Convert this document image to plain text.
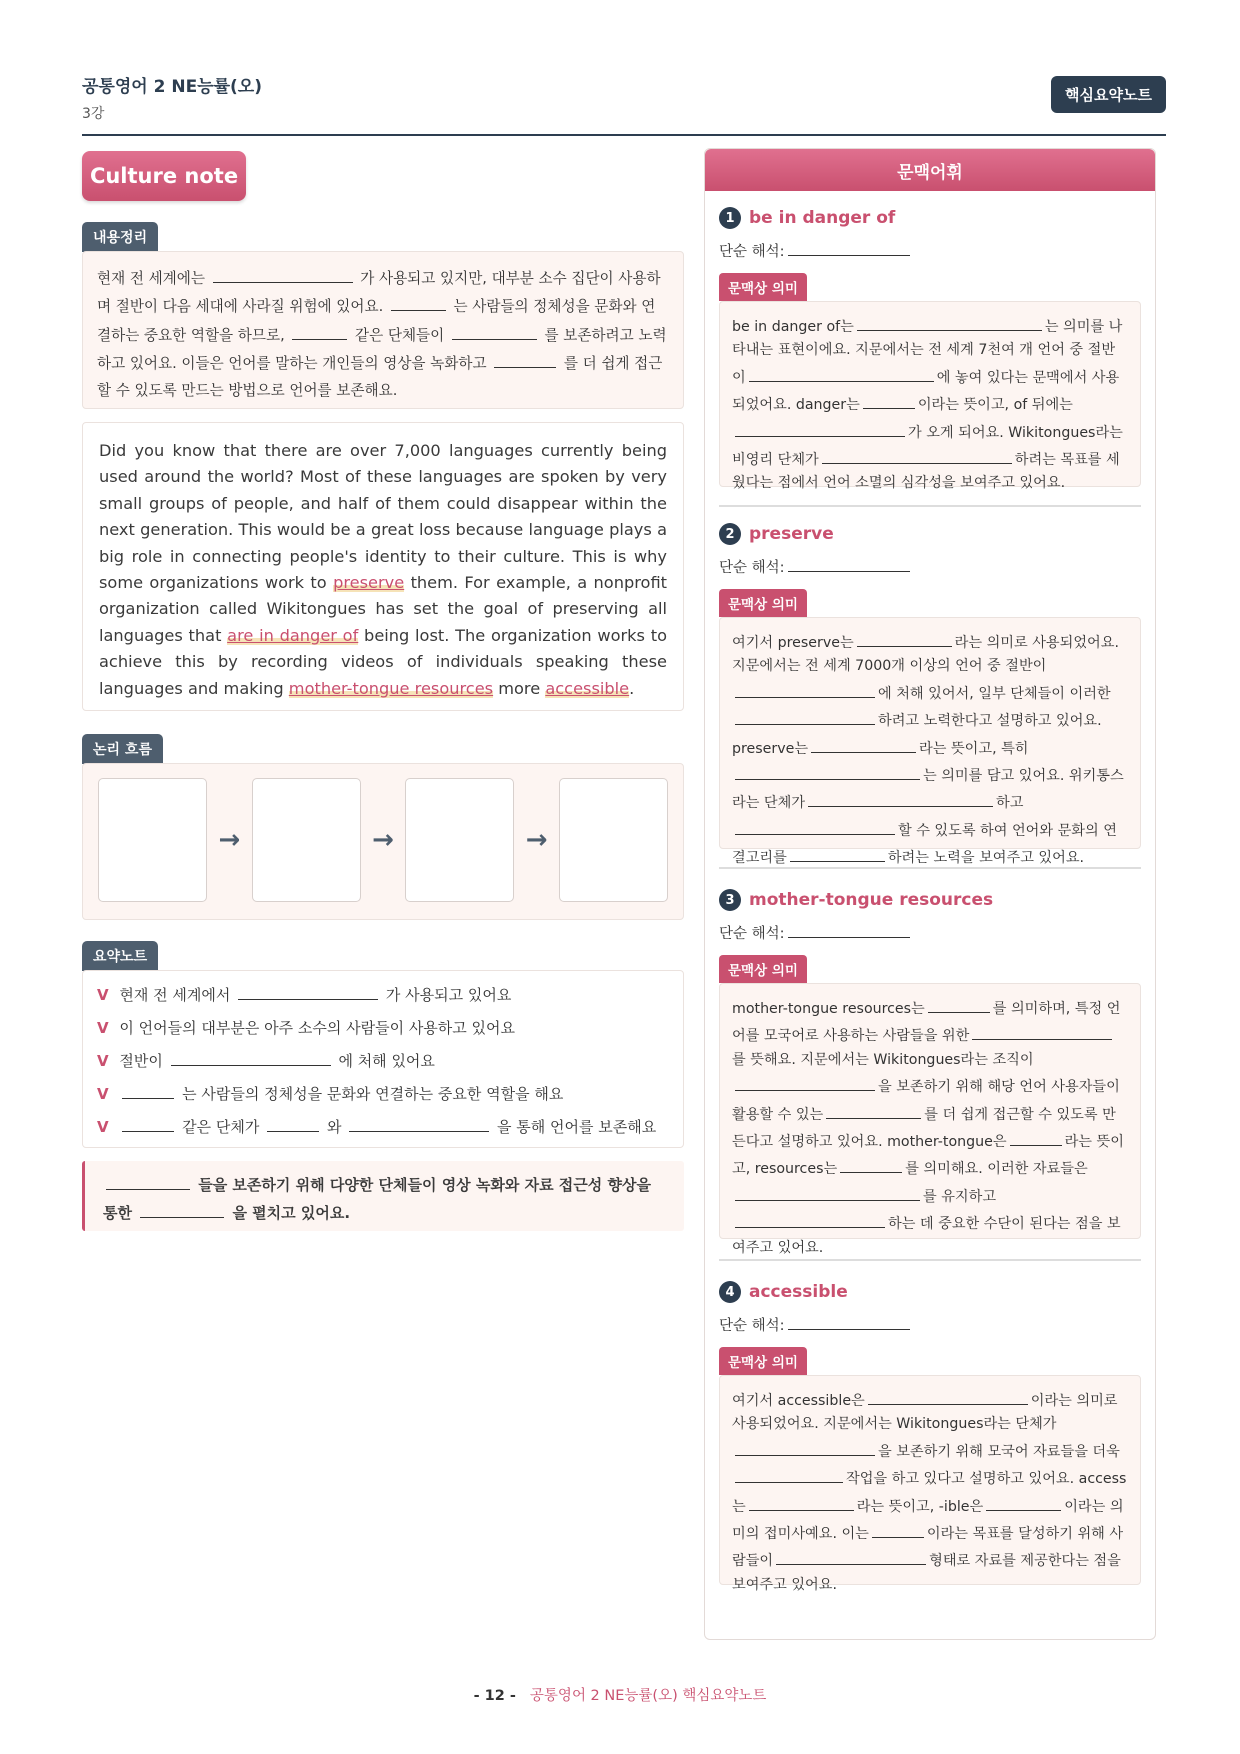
공통영어 2 NE능률(오)
3강
핵심요약노트
Culture note
내용정리
현재 전 세계에는	가 사용되고 있지만, 대부분 소수 집단이 사용하며 절반이 다음 세대에 사라질 위험에 있어요.	는 사람들의 정체성을 문화와 연결하는 중요한 역할을 하므로,	같은 단체들이	를 보존하려고 노력하고 있어요. 이들은 언어를 말하는 개인들의 영상을 녹화하고	를 더 쉽게 접근할 수 있도록 만드는 방법으로 언어를 보존해요.
Did you know that there are over 7,000 languages currently being used around the world? Most of these languages are spoken by very small groups of people, and half of them could disappear within the next generation. This would be a great loss because language plays a big role in connecting people's identity to their culture. This is why some organizations work to preserve them. For example, a nonprofit organization called Wikitongues has set the goal of preserving all languages that are in danger of being lost. The organization works to achieve this by recording videos of individuals speaking these languages and making mother-tongue resources more accessible.
논리 흐름
→	→	→
요약노트
V 현재 전 세계에서	가 사용되고 있어요
V 이 언어들의 대부분은 아주 소수의 사람들이 사용하고 있어요
V 절반이	에 처해 있어요
V	는 사람들의 정체성을 문화와 연결하는 중요한 역할을 해요
V	같은 단체가	와	을 통해 언어를 보존해요
들을 보존하기 위해 다양한 단체들이 영상 녹화와 자료 접근성 향상을
통한	을 펼치고 있어요.
문맥어휘
1 be in danger of
단순 해석:
문맥상 의미
be in danger of는	는 의미를 나타내는 표현이에요. 지문에서는 전 세계 7천여 개 언어 중 절반이	에 놓여 있다는 문맥에서 사용되었어요. danger는	이라는 뜻이고, of 뒤에는가 오게 되어요. Wikitongues라는 비영리 단체가	하려는 목표를 세웠다는 점에서 언어 소멸의 심각성을 보여주고 있어요.
2 preserve
단순 해석:
문맥상 의미
여기서 preserve는	라는 의미로 사용되었어요. 지문에서는 전 세계 7000개 이상의 언어 중 절반이에 처해 있어서, 일부 단체들이 이러한하려고 노력한다고 설명하고 있어요. preserve는	라는 뜻이고, 특히는 의미를 담고 있어요. 위키통스라는 단체가	하고할 수 있도록 하여 언어와 문화의 연결고리를	하려는 노력을 보여주고 있어요.
3 mother-tongue resources
단순 해석:
문맥상 의미
mother-tongue resources는	를 의미하며, 특정 언어를 모국어로 사용하는 사람들을 위한를 뜻해요. 지문에서는 Wikitongues라는 조직이을 보존하기 위해 해당 언어 사용자들이 활용할 수 있는	를 더 쉽게 접근할 수 있도록 만든다고 설명하고 있어요. mother-tongue은	라는 뜻이고, resources는	를 의미해요. 이러한 자료들은를 유지하고하는 데 중요한 수단이 된다는 점을 보여주고 있어요.
4 accessible
단순 해석:
문맥상 의미
여기서 accessible은	이라는 의미로 사용되었어요. 지문에서는 Wikitongues라는 단체가을 보존하기 위해 모국어 자료들을 더욱작업을 하고 있다고 설명하고 있어요. access는	라는 뜻이고, -ible은	이라는 의미의 접미사예요. 이는	이라는 목표를 달성하기 위해 사람들이	형태로 자료를 제공한다는 점을 보여주고 있어요.
- 12 - 공통영어 2 NE능률(오) 핵심요약노트
